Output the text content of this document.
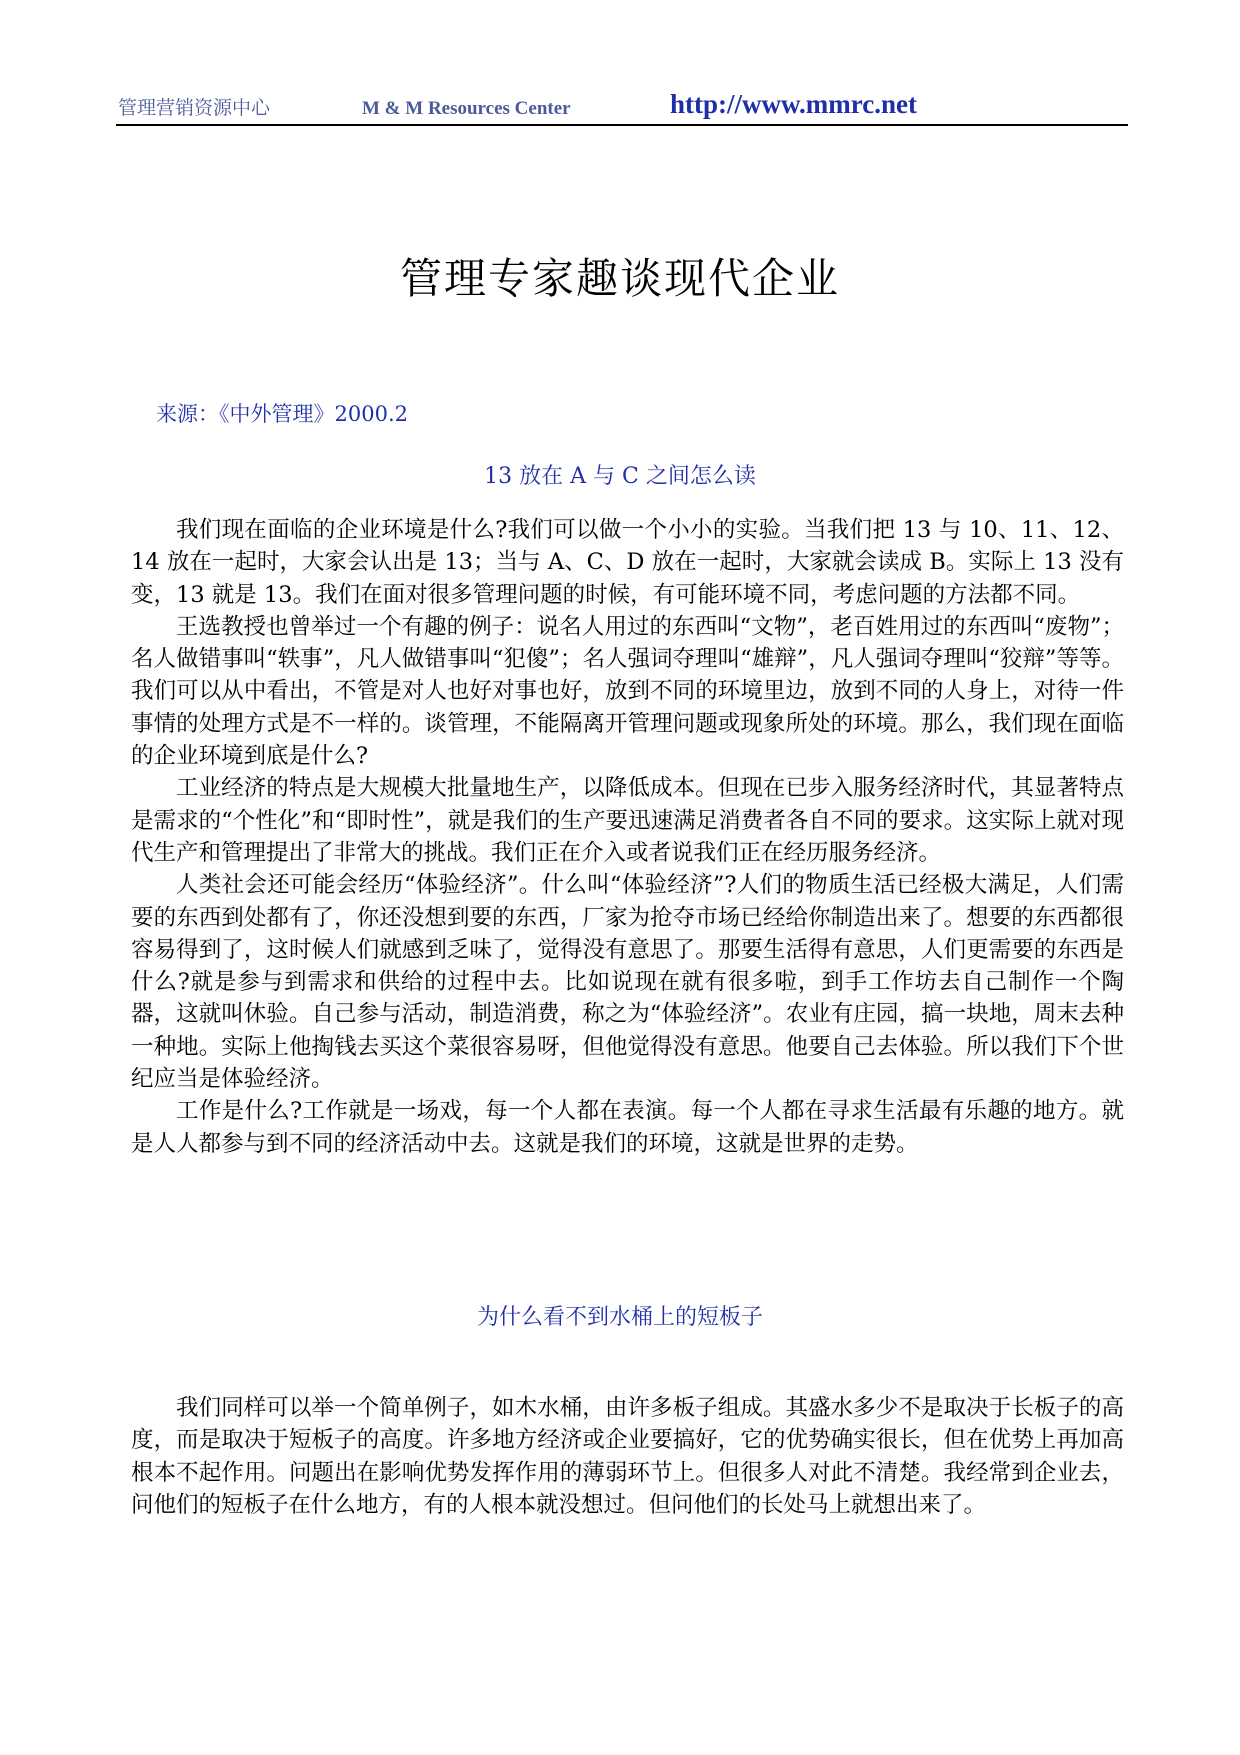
管理营销资源中心	M & M Resources Center	http://www.mmrc.net
管理专家趣谈现代企业
来源：《中外管理》2000.2
13 放在 A 与 C 之间怎么读

我们现在面临的企业环境是什么?我们可以做一个小小的实验。当我们把 13 与 10、11、12、14 放在一起时，大家会认出是 13；当与 A、C、D 放在一起时，大家就会读成 B。实际上 13 没有变，13 就是 13。我们在面对很多管理问题的时候，有可能环境不同，考虑问题的方法都不同。

王选教授也曾举过一个有趣的例子：说名人用过的东西叫“文物”，老百姓用过的东西叫“废物”；名人做错事叫“轶事”，凡人做错事叫“犯傻”；名人强词夺理叫“雄辩”，凡人强词夺理叫“狡辩”等等。我们可以从中看出，不管是对人也好对事也好，放到不同的环境里边，放到不同的人身上，对待一件事情的处理方式是不一样的。谈管理，不能隔离开管理问题或现象所处的环境。那么，我们现在面临的企业环境到底是什么?

工业经济的特点是大规模大批量地生产，以降低成本。但现在已步入服务经济时代，其显著特点是需求的“个性化”和“即时性”，就是我们的生产要迅速满足消费者各自不同的要求。这实际上就对现代生产和管理提出了非常大的挑战。我们正在介入或者说我们正在经历服务经济。

人类社会还可能会经历“体验经济”。什么叫“体验经济”?人们的物质生活已经极大满足，人们需要的东西到处都有了，你还没想到要的东西，厂家为抢夺市场已经给你制造出来了。想要的东西都很容易得到了，这时候人们就感到乏味了，觉得没有意思了。那要生活得有意思，人们更需要的东西是什么?就是参与到需求和供给的过程中去。比如说现在就有很多啦，到手工作坊去自己制作一个陶器，这就叫休验。自己参与活动，制造消费，称之为“体验经济”。农业有庄园，搞一块地，周末去种一种地。实际上他掏钱去买这个菜很容易呀，但他觉得没有意思。他要自己去体验。所以我们下个世纪应当是体验经济。

工作是什么?工作就是一场戏，每一个人都在表演。每一个人都在寻求生活最有乐趣的地方。就是人人都参与到不同的经济活动中去。这就是我们的环境，这就是世界的走势。

为什么看不到水桶上的短板子

我们同样可以举一个简单例子，如木水桶，由许多板子组成。其盛水多少不是取决于长板子的高度，而是取决于短板子的高度。许多地方经济或企业要搞好，它的优势确实很长，但在优势上再加高根本不起作用。问题出在影响优势发挥作用的薄弱环节上。但很多人对此不清楚。我经常到企业去，问他们的短板子在什么地方，有的人根本就没想过。但问他们的长处马上就想出来了。
